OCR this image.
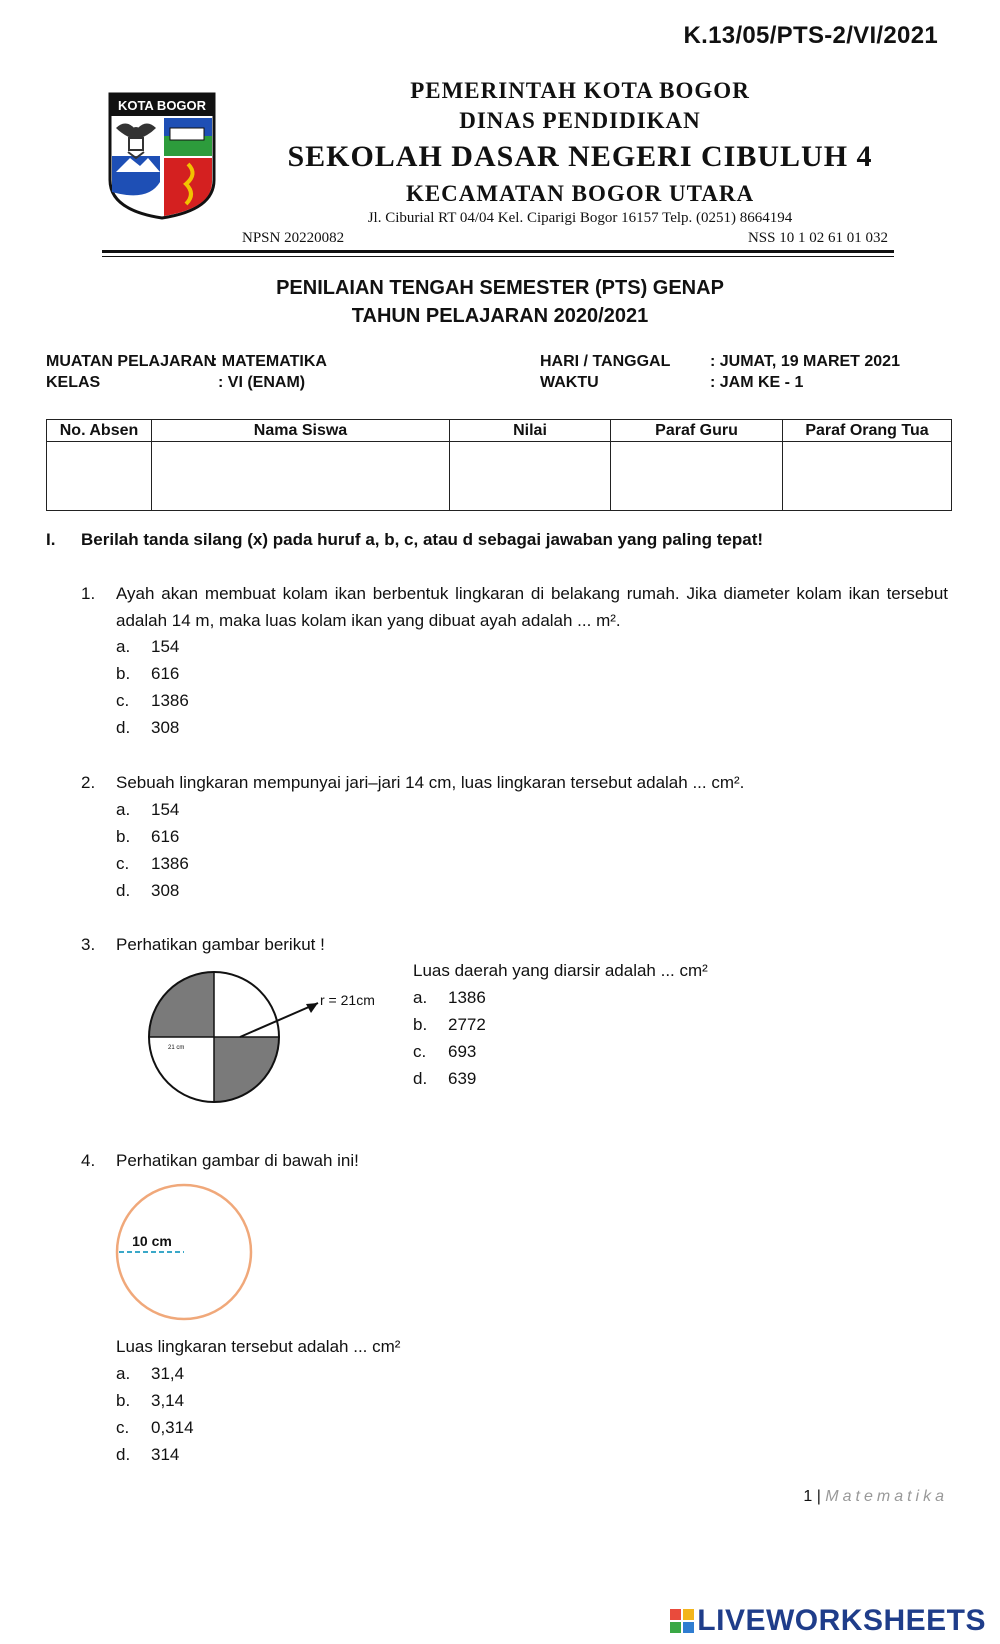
K.13/05/PTS-2/VI/2021
KOTA BOGOR
PEMERINTAH KOTA BOGOR
DINAS PENDIDIKAN
SEKOLAH DASAR NEGERI CIBULUH 4
KECAMATAN BOGOR UTARA
Jl. Ciburial RT 04/04 Kel. Ciparigi Bogor 16157 Telp. (0251) 8664194
NPSN 20220082	NSS 10 1 02 61 01 032
PENILAIAN TENGAH SEMESTER (PTS) GENAP
TAHUN PELAJARAN 2020/2021
MUATAN PELAJARAN
: MATEMATIKA
KELAS	: VI (ENAM)
HARI / TANGGAL : JUMAT, 19 MARET 2021
WAKTU	: JAM KE - 1
No. Absen	Nama Siswa	Nilai	Paraf Guru	Paraf Orang Tua

I. Berilah tanda silang (x) pada huruf a, b, c, atau d sebagai jawaban yang paling tepat!
1. Ayah akan membuat kolam ikan berbentuk lingkaran di belakang rumah. Jika diameter kolam ikan tersebut adalah 14 m, maka luas kolam ikan yang dibuat ayah adalah ... m².
a. 154
b. 616
c. 1386
d. 308
2. Sebuah lingkaran mempunyai jari–jari 14 cm, luas lingkaran tersebut adalah ... cm².
a. 154
b. 616
c. 1386
d. 308
3. Perhatikan gambar berikut !
r = 21cm
21 cm
Luas daerah yang diarsir adalah ... cm²
a. 1386
b. 2772
c. 693
d. 639
4. Perhatikan gambar di bawah ini!
10 cm
Luas lingkaran tersebut adalah ... cm²
a. 31,4
b. 3,14
c. 0,314
d. 314
1 | Matematika
LIVEWORKSHEETS
